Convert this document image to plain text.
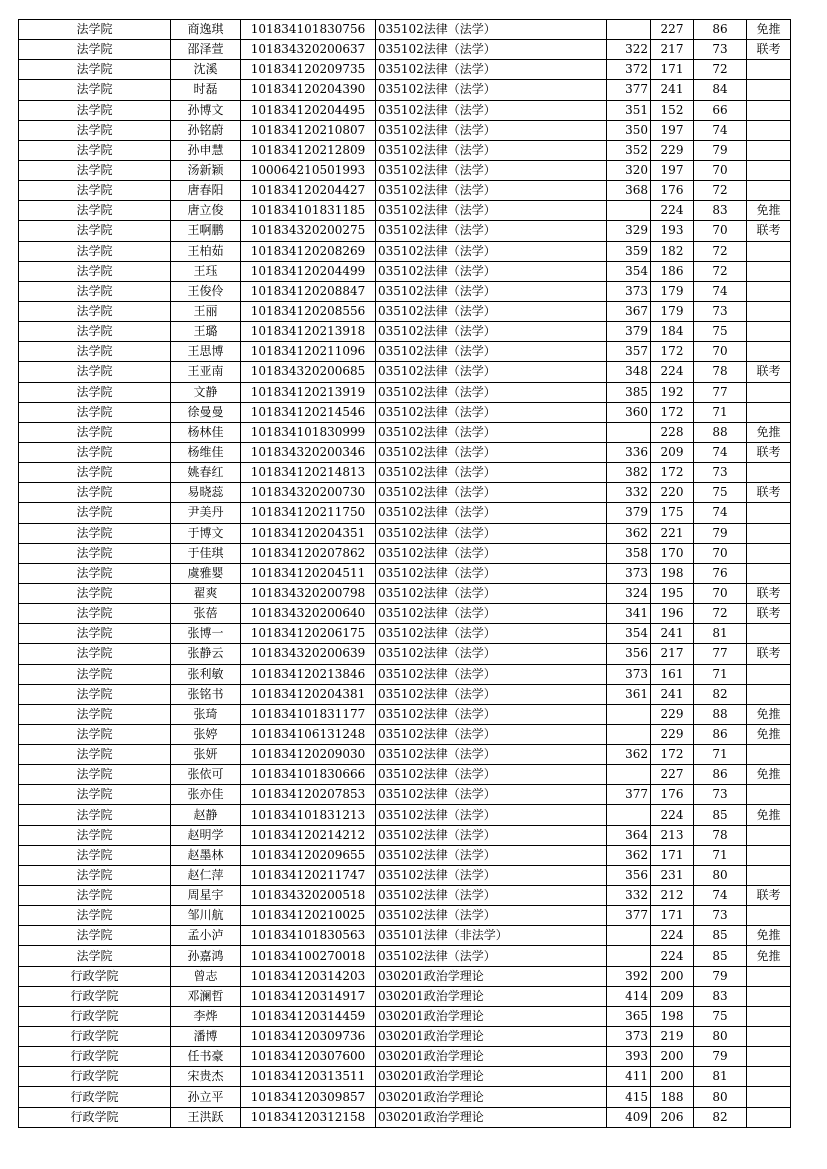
法学院	商逸琪	101834101830756	035102法律（法学）		227	86	免推
法学院	邵泽萱	101834320200637	035102法律（法学）	322	217	73	联考
法学院	沈溪	101834120209735	035102法律（法学）	372	171	72	
法学院	时磊	101834120204390	035102法律（法学）	377	241	84	
法学院	孙博文	101834120204495	035102法律（法学）	351	152	66	
法学院	孙铭蔚	101834120210807	035102法律（法学）	350	197	74	
法学院	孙申慧	101834120212809	035102法律（法学）	352	229	79	
法学院	汤新颖	100064210501993	035102法律（法学）	320	197	70	
法学院	唐春阳	101834120204427	035102法律（法学）	368	176	72	
法学院	唐立俊	101834101831185	035102法律（法学）		224	83	免推
法学院	王啊鹏	101834320200275	035102法律（法学）	329	193	70	联考
法学院	王柏茹	101834120208269	035102法律（法学）	359	182	72	
法学院	王珏	101834120204499	035102法律（法学）	354	186	72	
法学院	王俊伶	101834120208847	035102法律（法学）	373	179	74	
法学院	王丽	101834120208556	035102法律（法学）	367	179	73	
法学院	王璐	101834120213918	035102法律（法学）	379	184	75	
法学院	王思博	101834120211096	035102法律（法学）	357	172	70	
法学院	王亚南	101834320200685	035102法律（法学）	348	224	78	联考
法学院	文静	101834120213919	035102法律（法学）	385	192	77	
法学院	徐曼曼	101834120214546	035102法律（法学）	360	172	71	
法学院	杨林佳	101834101830999	035102法律（法学）		228	88	免推
法学院	杨维佳	101834320200346	035102法律（法学）	336	209	74	联考
法学院	姚春红	101834120214813	035102法律（法学）	382	172	73	
法学院	易晓蕊	101834320200730	035102法律（法学）	332	220	75	联考
法学院	尹美丹	101834120211750	035102法律（法学）	379	175	74	
法学院	于博文	101834120204351	035102法律（法学）	362	221	79	
法学院	于佳琪	101834120207862	035102法律（法学）	358	170	70	
法学院	虞雅婴	101834120204511	035102法律（法学）	373	198	76	
法学院	翟爽	101834320200798	035102法律（法学）	324	195	70	联考
法学院	张蓓	101834320200640	035102法律（法学）	341	196	72	联考
法学院	张博一	101834120206175	035102法律（法学）	354	241	81	
法学院	张静云	101834320200639	035102法律（法学）	356	217	77	联考
法学院	张利敏	101834120213846	035102法律（法学）	373	161	71	
法学院	张铭书	101834120204381	035102法律（法学）	361	241	82	
法学院	张琦	101834101831177	035102法律（法学）		229	88	免推
法学院	张婷	101834106131248	035102法律（法学）		229	86	免推
法学院	张妍	101834120209030	035102法律（法学）	362	172	71	
法学院	张依可	101834101830666	035102法律（法学）		227	86	免推
法学院	张亦佳	101834120207853	035102法律（法学）	377	176	73	
法学院	赵静	101834101831213	035102法律（法学）		224	85	免推
法学院	赵明学	101834120214212	035102法律（法学）	364	213	78	
法学院	赵墨林	101834120209655	035102法律（法学）	362	171	71	
法学院	赵仁萍	101834120211747	035102法律（法学）	356	231	80	
法学院	周星宇	101834320200518	035102法律（法学）	332	212	74	联考
法学院	邹川航	101834120210025	035102法律（法学）	377	171	73	
法学院	孟小泸	101834101830563	035101法律（非法学）		224	85	免推
法学院	孙嘉鸿	101834100270018	035102法律（法学）		224	85	免推
行政学院	曾志	101834120314203	030201政治学理论	392	200	79	
行政学院	邓澜哲	101834120314917	030201政治学理论	414	209	83	
行政学院	李烨	101834120314459	030201政治学理论	365	198	75	
行政学院	潘博	101834120309736	030201政治学理论	373	219	80	
行政学院	任书豪	101834120307600	030201政治学理论	393	200	79	
行政学院	宋贵杰	101834120313511	030201政治学理论	411	200	81	
行政学院	孙立平	101834120309857	030201政治学理论	415	188	80	
行政学院	王洪跃	101834120312158	030201政治学理论	409	206	82	
